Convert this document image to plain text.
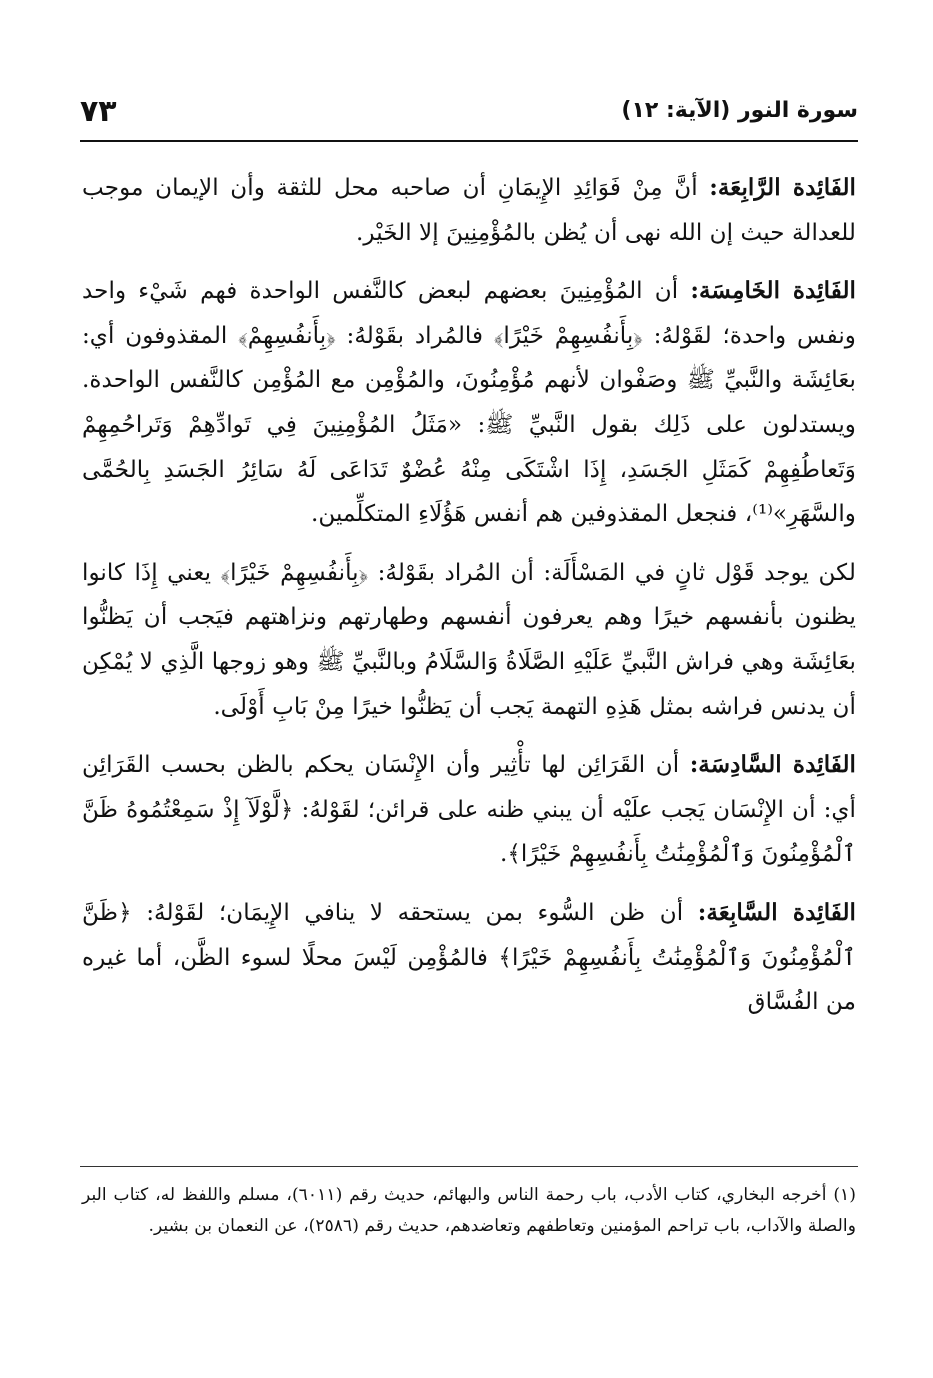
سورة النور (الآية: ١٢)
٧٣

الفَائِدة الرَّابِعَة: أنَّ مِنْ فَوَائِدِ الإِيمَانِ أن صاحبه محل للثقة وأن الإيمان موجب للعدالة حيث إن الله نهى أن يُظن بالمُؤْمِنِينَ إلا الخَيْر.

الفَائِدة الخَامِسَة: أن المُؤْمِنِينَ بعضهم لبعض كالنَّفس الواحدة فهم شَيْء واحد ونفس واحدة؛ لقَوْلهُ: ﴿بِأَنفُسِهِمْ خَيْرًا﴾ فالمُراد بقَوْلهُ: ﴿بِأَنفُسِهِمْ﴾ المقذوفون أي: بعَائِشَة والنَّبيِّ ﷺ وصَفْوان لأنهم مُؤْمِنُونَ، والمُؤْمِن مع المُؤْمِن كالنَّفس الواحدة. ويستدلون على ذَلِك بقول النَّبيِّ ﷺ: «مَثَلُ المُؤْمِنِينَ فِي تَوادِّهِمْ وَتَراحُمِهِمْ وَتَعاطُفِهِمْ كَمَثَلِ الجَسَدِ، إِذَا اشْتَكَى مِنْهُ عُضْوٌ تَدَاعَى لَهُ سَائِرُ الجَسَدِ بِالحُمَّى والسَّهَرِ»⁽¹⁾، فنجعل المقذوفين هم أنفس هَؤُلَاءِ المتكلِّمين.

لكن يوجد قَوْل ثانٍ في المَسْأَلَة: أن المُراد بقَوْلهُ: ﴿بِأَنفُسِهِمْ خَيْرًا﴾ يعني إِذَا كانوا يظنون بأنفسهم خيرًا وهم يعرفون أنفسهم وطهارتهم ونزاهتهم فيَجب أن يَظنُّوا بعَائِشَة وهي فراش النَّبيِّ عَلَيْهِ الصَّلَاةُ وَالسَّلَامُ وبالنَّبيِّ ﷺ وهو زوجها الَّذِي لا يُمْكِن أن يدنس فراشه بمثل هَذِهِ التهمة يَجب أن يَظنُّوا خيرًا مِنْ بَابِ أَوْلَى.

الفَائِدة السَّادِسَة: أن القَرَائِن لها تأْثِير وأن الإِنْسَان يحكم بالظن بحسب القَرَائِن أي: أن الإِنْسَان يَجب علَيْه أن يبني ظنه على قرائن؛ لقَوْلهُ: ﴿لَّوْلَآ إِذْ سَمِعْتُمُوهُ ظَنَّ ٱلْمُؤْمِنُونَ وَٱلْمُؤْمِنَٰتُ بِأَنفُسِهِمْ خَيْرًا﴾.

الفَائِدة السَّابِعَة: أن ظن السُّوء بمن يستحقه لا ينافي الإِيمَان؛ لقَوْلهُ: ﴿ظَنَّ ٱلْمُؤْمِنُونَ وَٱلْمُؤْمِنَٰتُ بِأَنفُسِهِمْ خَيْرًا﴾ فالمُؤْمِن لَيْسَ محلًا لسوء الظَّن، أما غيره من الفُسَّاق

(١) أخرجه البخاري، كتاب الأدب، باب رحمة الناس والبهائم، حديث رقم (٦٠١١)، مسلم واللفظ له، كتاب البر والصلة والآداب، باب تراحم المؤمنين وتعاطفهم وتعاضدهم، حديث رقم (٢٥٨٦)، عن النعمان بن بشير.
